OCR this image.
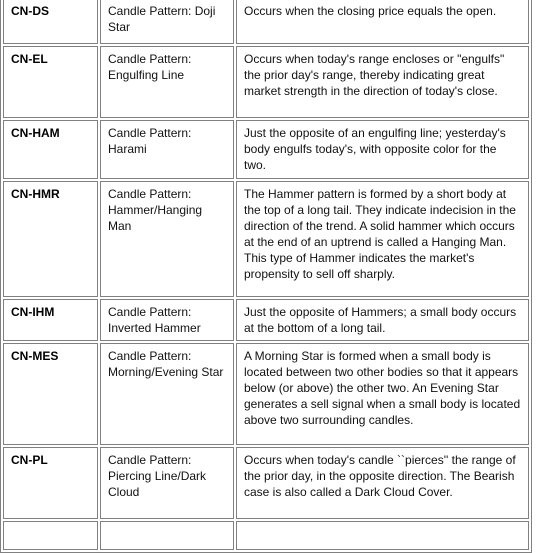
CN-DS	Candle Pattern: Doji Star	Occurs when the closing price equals the open.
CN-EL	Candle Pattern: Engulfing Line	Occurs when today's range encloses or "engulfs" the prior day's range, thereby indicating great market strength in the direction of today's close.
CN-HAM	Candle Pattern: Harami	Just the opposite of an engulfing line; yesterday's body engulfs today's, with opposite color for the two.
CN-HMR	Candle Pattern: Hammer/Hanging Man	The Hammer pattern is formed by a short body at the top of a long tail. They indicate indecision in the direction of the trend. A solid hammer which occurs at the end of an uptrend is called a Hanging Man. This type of Hammer indicates the market's propensity to sell off sharply.
CN-IHM	Candle Pattern: Inverted Hammer	Just the opposite of Hammers; a small body occurs at the bottom of a long tail.
CN-MES	Candle Pattern: Morning/Evening Star	A Morning Star is formed when a small body is located between two other bodies so that it appears below (or above) the other two. An Evening Star generates a sell signal when a small body is located above two surrounding candles.
CN-PL	Candle Pattern: Piercing Line/Dark Cloud	Occurs when today's candle ``pierces'' the range of the prior day, in the opposite direction. The Bearish case is also called a Dark Cloud Cover.
